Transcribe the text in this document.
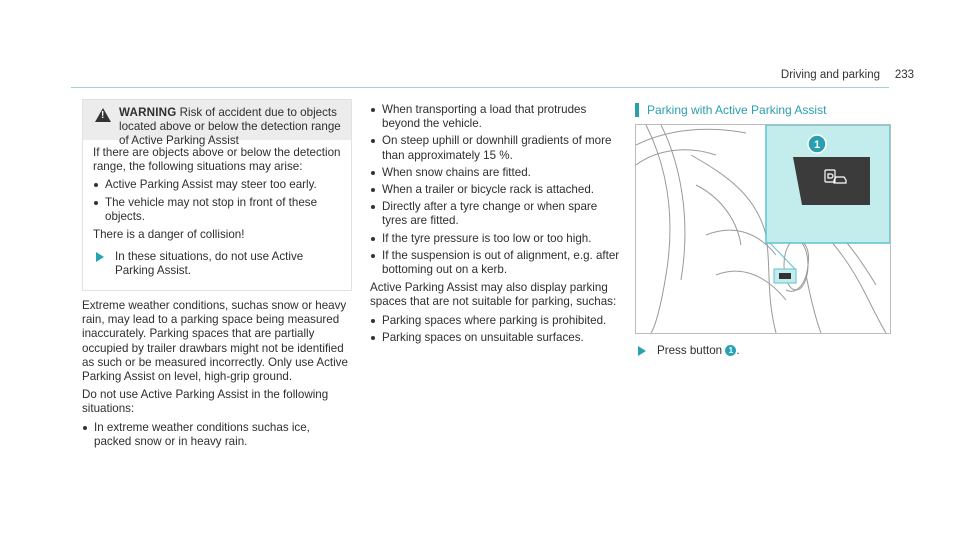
Driving and parking 233
!
WARNING Risk of accident due to objects located above or below the detection range of Active Parking Assist

If there are objects above or below the detection range, the following situations may arise:

Active Parking Assist may steer too early.
The vehicle may not stop in front of these objects.

There is a danger of collision!

In these situations, do not use Active Parking Assist.

Extreme weather conditions, suchas snow or heavy rain, may lead to a parking space being measured inaccurately. Parking spaces that are partially occupied by trailer drawbars might not be identified as such or be measured incorrectly. Only use Active Parking Assist on level, high-grip ground.

Do not use Active Parking Assist in the following situations:

In extreme weather conditions suchas ice, packed snow or in heavy rain.
When transporting a load that protrudes beyond the vehicle.
On steep uphill or downhill gradients of more than approximately 15 %.
When snow chains are fitted.
When a trailer or bicycle rack is attached.
Directly after a tyre change or when spare tyres are fitted.
If the tyre pressure is too low or too high.
If the suspension is out of alignment, e.g. after bottoming out on a kerb.

Active Parking Assist may also display parking spaces that are not suitable for parking, suchas:

Parking spaces where parking is prohibited.
Parking spaces on unsuitable surfaces.
Parking with Active Parking Assist
1
Press button 1 .
